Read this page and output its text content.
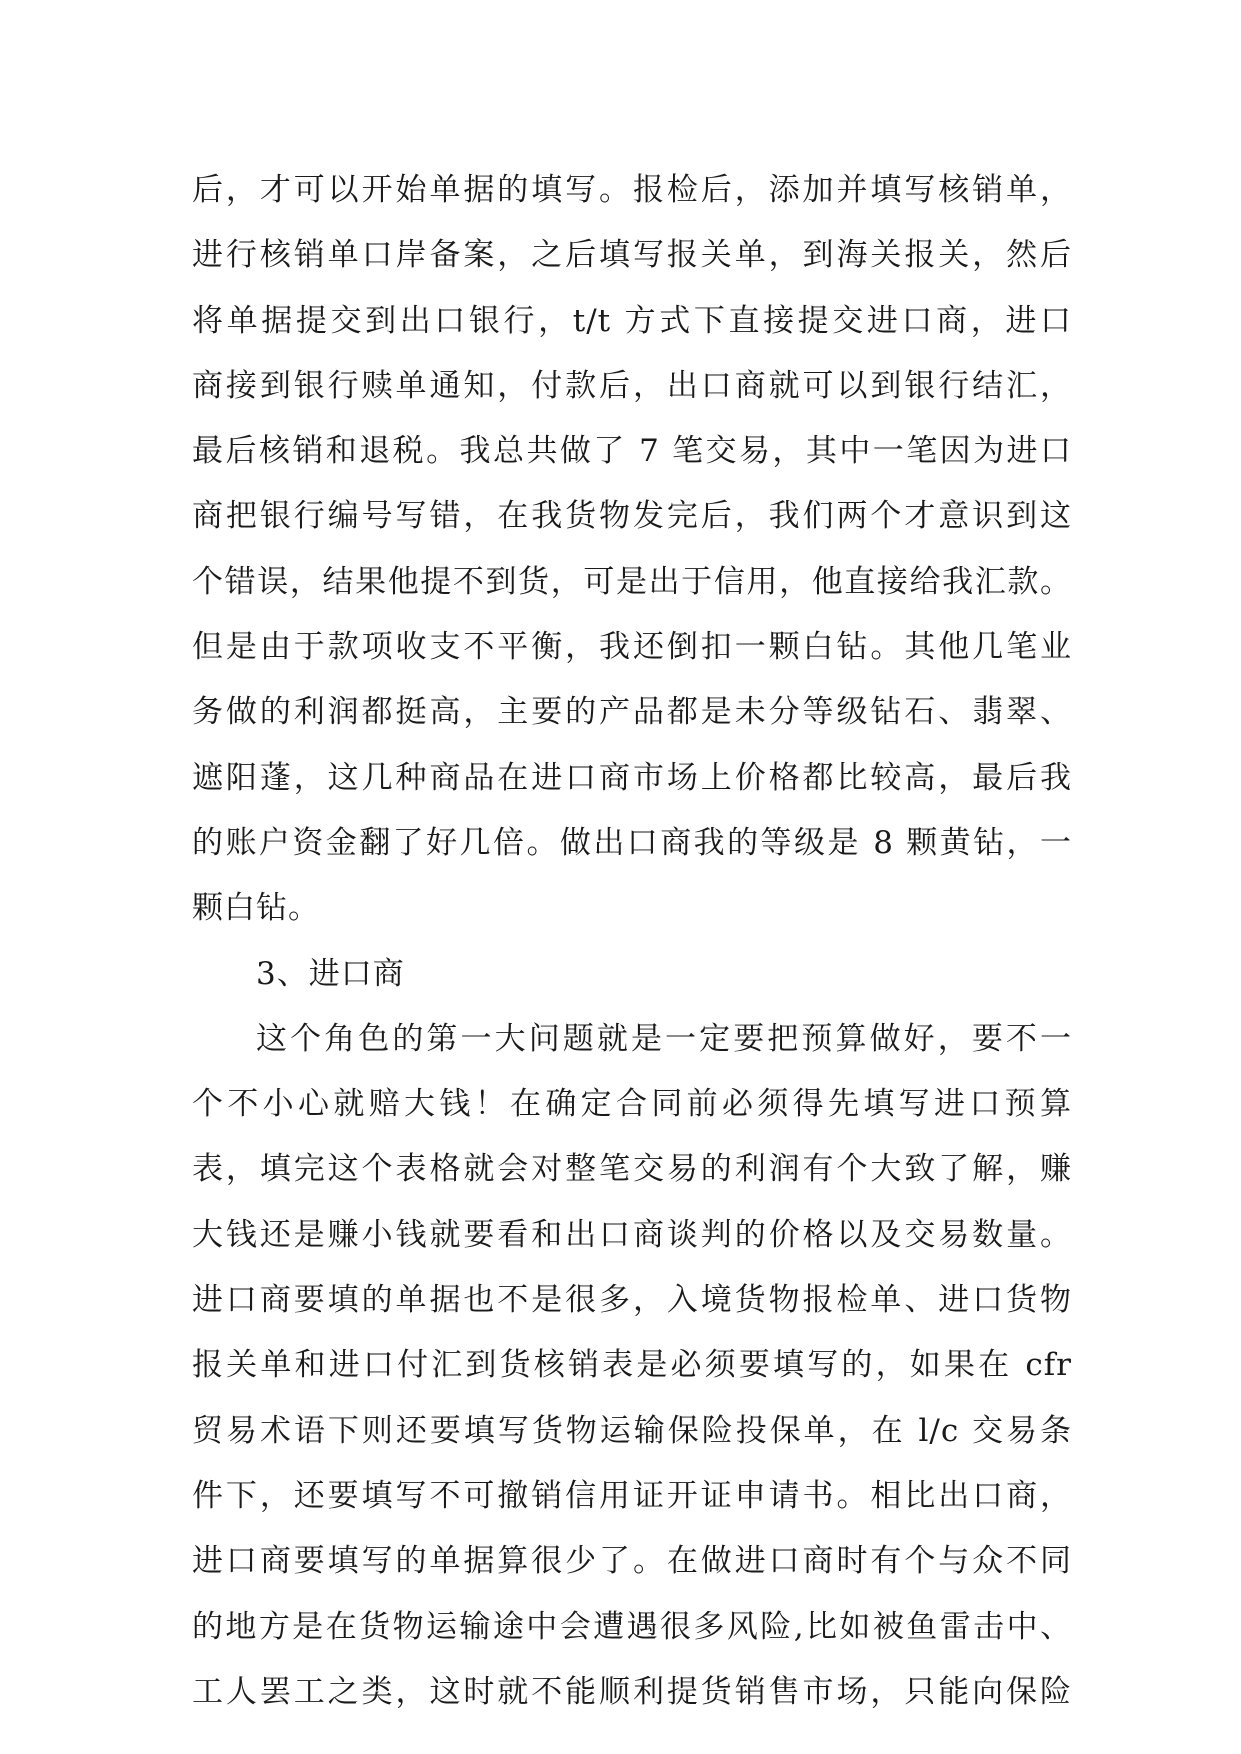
后，才可以开始单据的填写。报检后，添加并填写核销单，
进行核销单口岸备案，之后填写报关单，到海关报关，然后
将单据提交到出口银行，t/t 方式下直接提交进口商，进口
商接到银行赎单通知，付款后，出口商就可以到银行结汇，
最后核销和退税。我总共做了 7 笔交易，其中一笔因为进口
商把银行编号写错，在我货物发完后，我们两个才意识到这
个错误，结果他提不到货，可是出于信用，他直接给我汇款。
但是由于款项收支不平衡，我还倒扣一颗白钻。其他几笔业
务做的利润都挺高，主要的产品都是未分等级钻石、翡翠、
遮阳蓬，这几种商品在进口商市场上价格都比较高，最后我
的账户资金翻了好几倍。做出口商我的等级是 8 颗黄钻，一
颗白钻。
3、进口商
这个角色的第一大问题就是一定要把预算做好，要不一
个不小心就赔大钱！在确定合同前必须得先填写进口预算
表，填完这个表格就会对整笔交易的利润有个大致了解，赚
大钱还是赚小钱就要看和出口商谈判的价格以及交易数量。
进口商要填的单据也不是很多，入境货物报检单、进口货物
报关单和进口付汇到货核销表是必须要填写的，如果在 cfr
贸易术语下则还要填写货物运输保险投保单，在 l/c 交易条
件下，还要填写不可撤销信用证开证申请书。相比出口商，
进口商要填写的单据算很少了。在做进口商时有个与众不同
的地方是在货物运输途中会遭遇很多风险,比如被鱼雷击中、
工人罢工之类，这时就不能顺利提货销售市场，只能向保险
